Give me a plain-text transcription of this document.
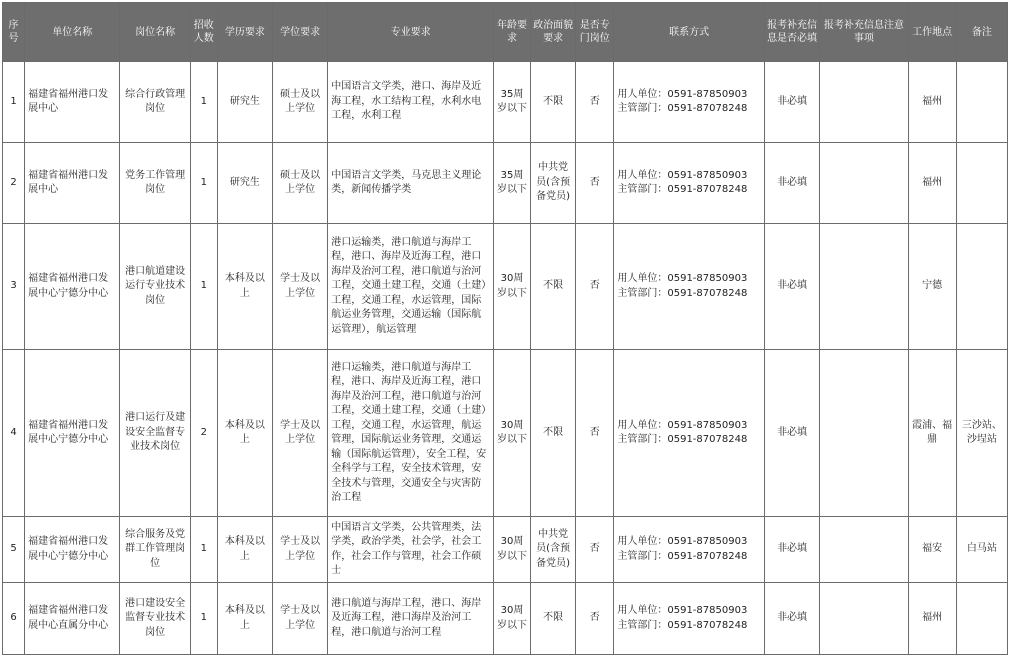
序号	单位名称	岗位名称	招收人数	学历要求	学位要求	专业要求	年龄要求	政治面貌要求	是否专门岗位	联系方式	报考补充信息是否必填	报考补充信息注意事项	工作地点	备注
1	福建省福州港口发展中心	综合行政管理岗位	1	研究生	硕士及以上学位	中国语言文学类，港口、海岸及近海工程，水工结构工程，水利水电工程，水利工程	35周岁以下	不限	否	用人单位：0591-87850903
主管部门：0591-87078248	非必填		福州	
2	福建省福州港口发展中心	党务工作管理岗位	1	研究生	硕士及以上学位	中国语言文学类，马克思主义理论类，新闻传播学类	35周岁以下	中共党员(含预备党员)	否	用人单位：0591-87850903
主管部门：0591-87078248	非必填		福州	
3	福建省福州港口发展中心宁德分中心	港口航道建设运行专业技术岗位	1	本科及以上	学士及以上学位	港口运输类，港口航道与海岸工程，港口、海岸及近海工程，港口海岸及治河工程，港口航道与治河工程，交通土建工程，交通（土建）工程，交通工程，水运管理，国际航运业务管理，交通运输（国际航运管理），航运管理	30周岁以下	不限	否	用人单位：0591-87850903
主管部门：0591-87078248	非必填		宁德	
4	福建省福州港口发展中心宁德分中心	港口运行及建设安全监督专业技术岗位	2	本科及以上	学士及以上学位	港口运输类，港口航道与海岸工程，港口、海岸及近海工程，港口海岸及治河工程，港口航道与治河工程，交通土建工程，交通（土建）工程，交通工程，水运管理，航运管理，国际航运业务管理，交通运输（国际航运管理），安全工程，安全科学与工程，安全技术管理，安全技术与管理，交通安全与灾害防治工程	30周岁以下	不限	否	用人单位：0591-87850903
主管部门：0591-87078248	非必填		霞浦、福鼎	三沙站、沙埕站
5	福建省福州港口发展中心宁德分中心	综合服务及党群工作管理岗位	1	本科及以上	学士及以上学位	中国语言文学类，公共管理类，法学类，政治学类，社会学，社会工作，社会工作与管理，社会工作硕士	30周岁以下	中共党员(含预备党员)	否	用人单位：0591-87850903
主管部门：0591-87078248	非必填		福安	白马站
6	福建省福州港口发展中心直属分中心	港口建设安全监督专业技术岗位	1	本科及以上	学士及以上学位	港口航道与海岸工程，港口、海岸及近海工程，港口海岸及治河工程，港口航道与治河工程	30周岁以下	不限	否	用人单位：0591-87850903
主管部门：0591-87078248	非必填		福州	
